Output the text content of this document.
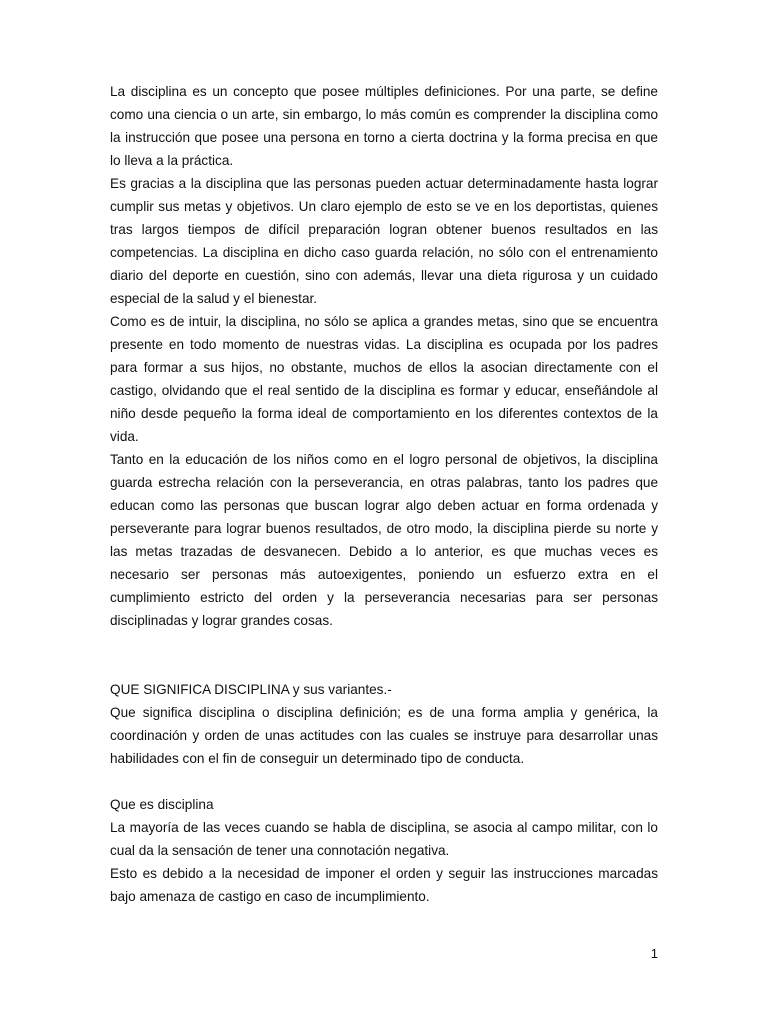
La disciplina es un concepto que posee múltiples definiciones. Por una parte, se define como una ciencia o un arte, sin embargo, lo más común es comprender la disciplina como la instrucción que posee una persona en torno a cierta doctrina y la forma precisa en que lo lleva a la práctica.

Es gracias a la disciplina que las personas pueden actuar determinadamente hasta lograr cumplir sus metas y objetivos. Un claro ejemplo de esto se ve en los deportistas, quienes tras largos tiempos de difícil preparación logran obtener buenos resultados en las competencias. La disciplina en dicho caso guarda relación, no sólo con el entrenamiento diario del deporte en cuestión, sino con además, llevar una dieta rigurosa y un cuidado especial de la salud y el bienestar.

Como es de intuir, la disciplina, no sólo se aplica a grandes metas, sino que se encuentra presente en todo momento de nuestras vidas. La disciplina es ocupada por los padres para formar a sus hijos, no obstante, muchos de ellos la asocian directamente con el castigo, olvidando que el real sentido de la disciplina es formar y educar, enseñándole al niño desde pequeño la forma ideal de comportamiento en los diferentes contextos de la vida.

Tanto en la educación de los niños como en el logro personal de objetivos, la disciplina guarda estrecha relación con la perseverancia, en otras palabras, tanto los padres que educan como las personas que buscan lograr algo deben actuar en forma ordenada y perseverante para lograr buenos resultados, de otro modo, la disciplina pierde su norte y las metas trazadas de desvanecen. Debido a lo anterior, es que muchas veces es necesario ser personas más autoexigentes, poniendo un esfuerzo extra en el cumplimiento estricto del orden y la perseverancia necesarias para ser personas disciplinadas y lograr grandes cosas.

QUE SIGNIFICA DISCIPLINA y sus variantes.-

Que significa disciplina o disciplina definición; es de una forma amplia y genérica, la coordinación y orden de unas actitudes con las cuales se instruye para desarrollar unas habilidades con el fin de conseguir un determinado tipo de conducta.

Que es disciplina

La mayoría de las veces cuando se habla de disciplina, se asocia al campo militar, con lo cual da la sensación de tener una connotación negativa.

Esto es debido a la necesidad de imponer el orden y seguir las instrucciones marcadas bajo amenaza de castigo en caso de incumplimiento.

1
